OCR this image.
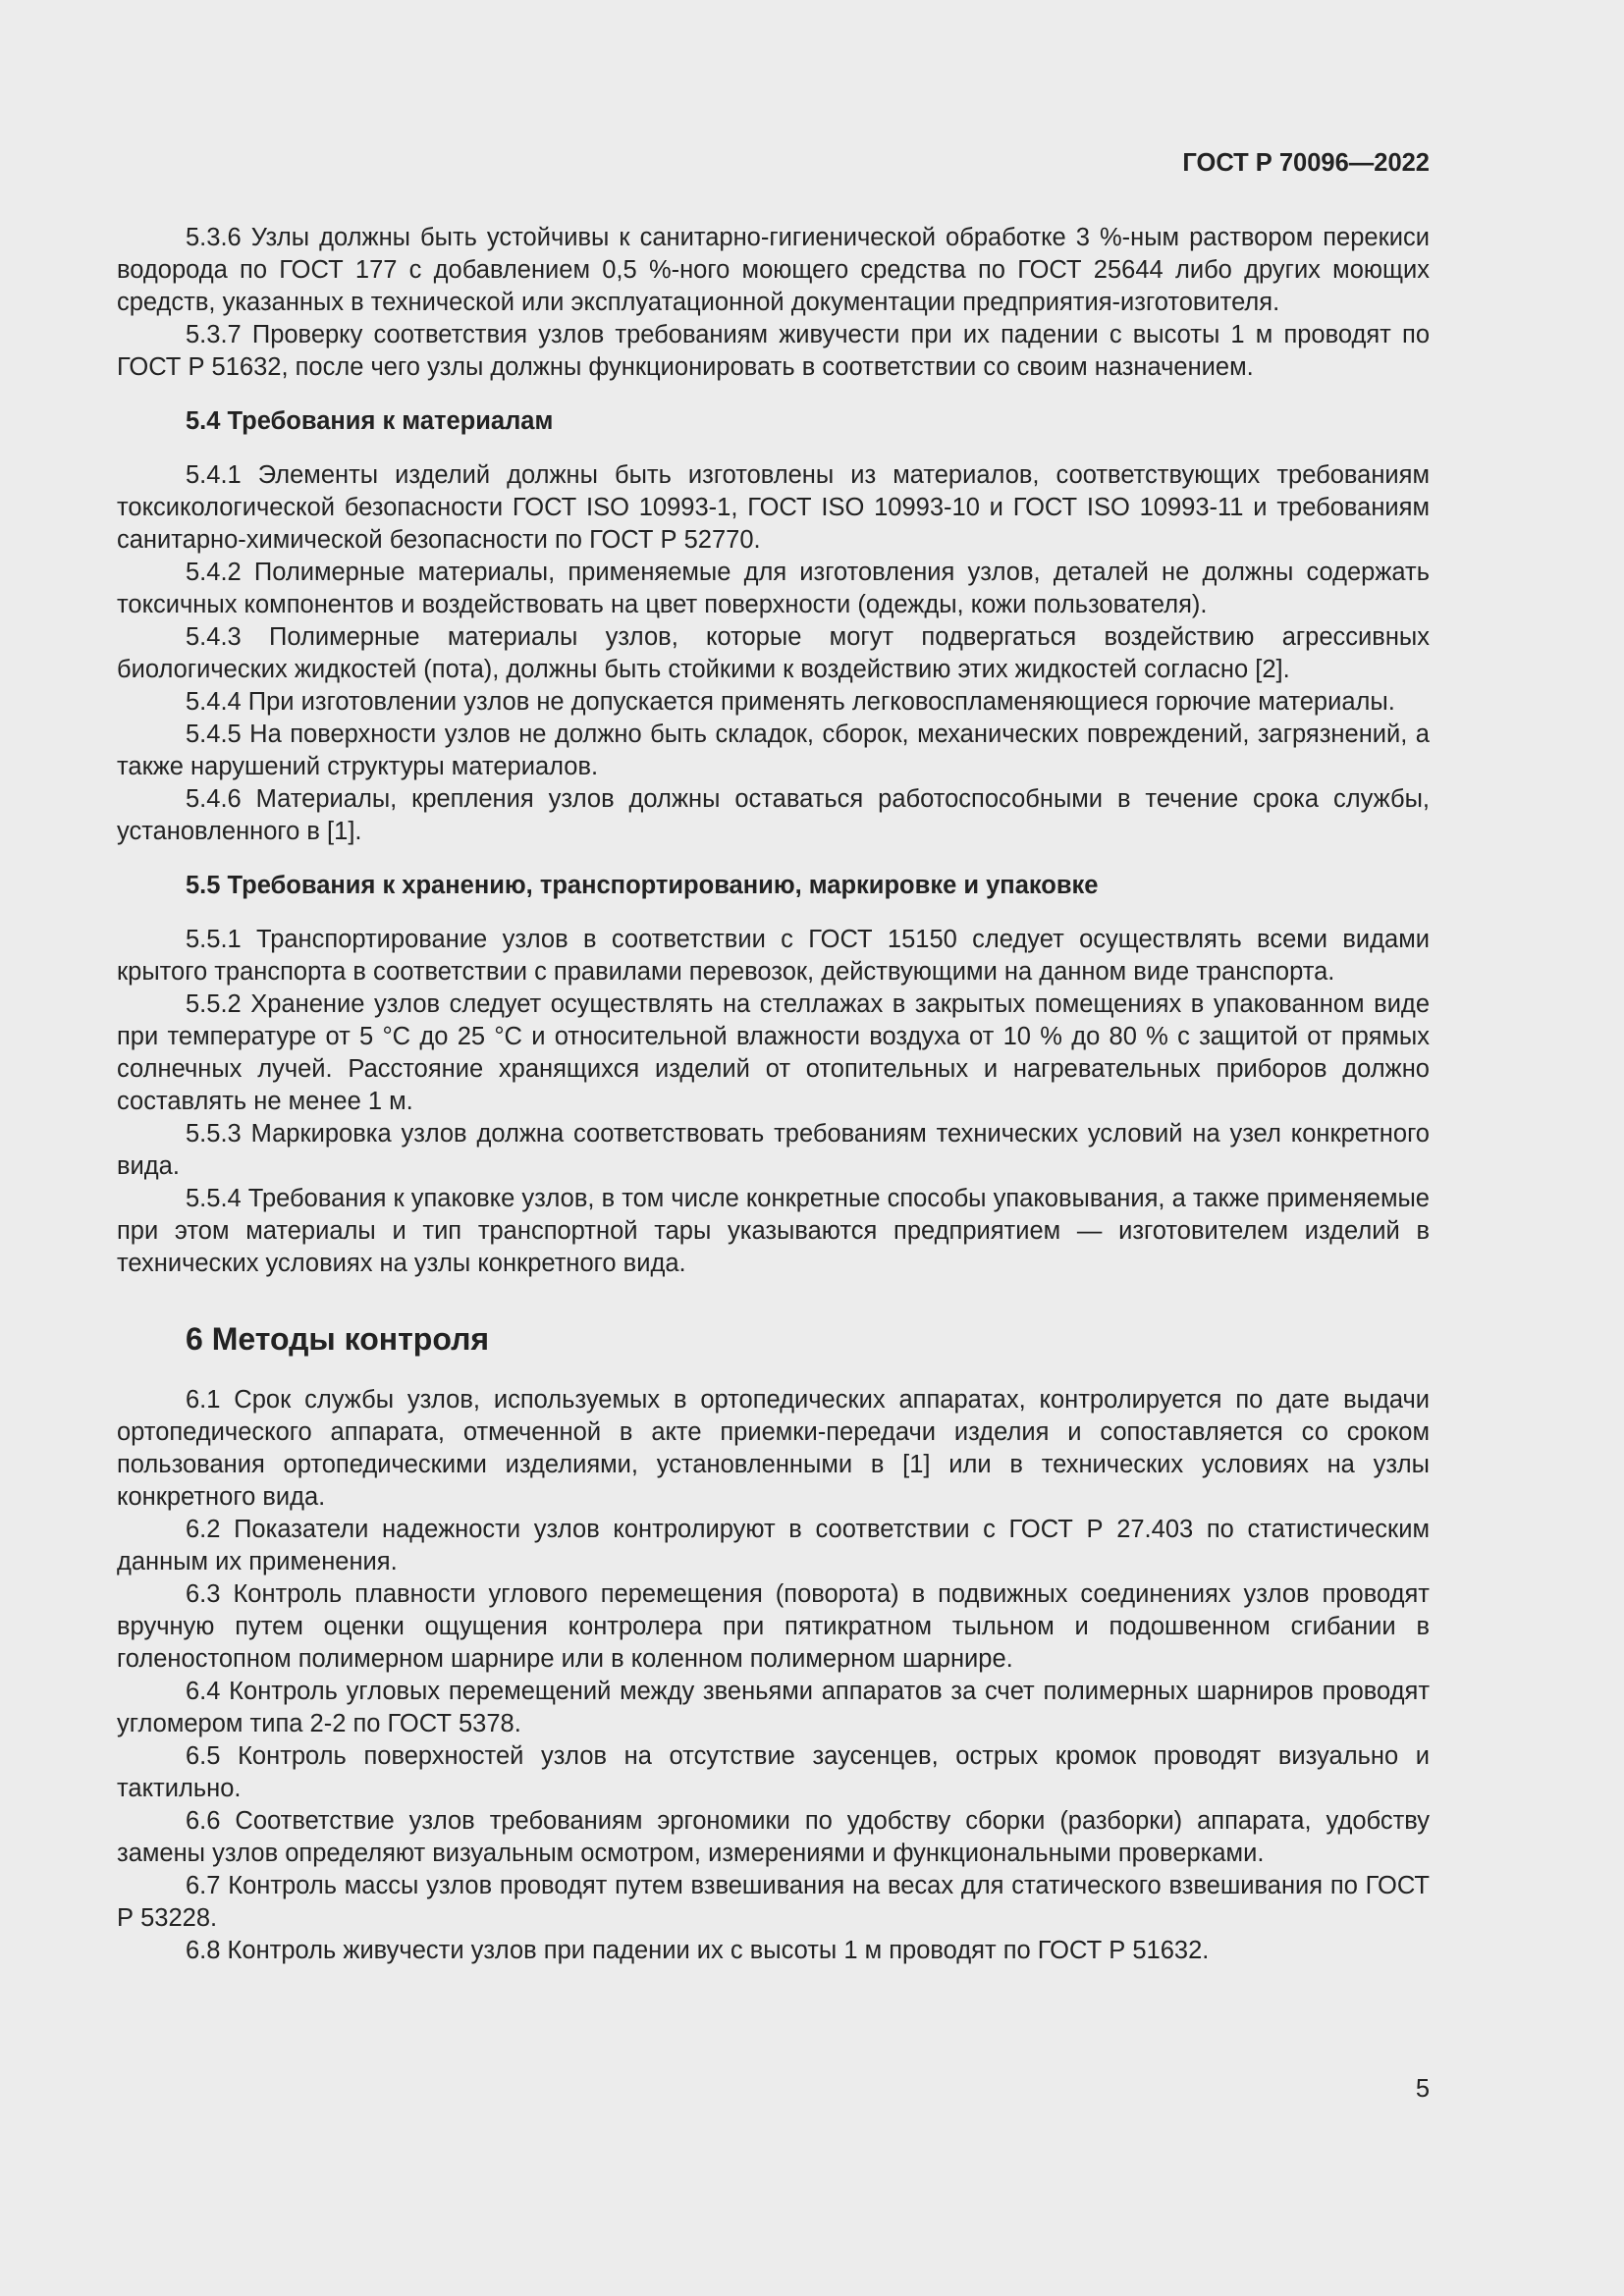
ГОСТ Р 70096—2022

5.3.6 Узлы должны быть устойчивы к санитарно-гигиенической обработке 3 %-ным раствором перекиси водорода по ГОСТ 177 с добавлением 0,5 %-ного моющего средства по ГОСТ 25644 либо других моющих средств, указанных в технической или эксплуатационной документации предприятия-изготовителя.

5.3.7 Проверку соответствия узлов требованиям живучести при их падении с высоты 1 м проводят по ГОСТ Р 51632, после чего узлы должны функционировать в соответствии со своим назначением.

5.4 Требования к материалам

5.4.1 Элементы изделий должны быть изготовлены из материалов, соответствующих требованиям токсикологической безопасности ГОСТ ISO 10993-1, ГОСТ ISO 10993-10 и ГОСТ ISO 10993-11 и требованиям санитарно-химической безопасности по ГОСТ Р 52770.

5.4.2 Полимерные материалы, применяемые для изготовления узлов, деталей не должны содержать токсичных компонентов и воздействовать на цвет поверхности (одежды, кожи пользователя).

5.4.3 Полимерные материалы узлов, которые могут подвергаться воздействию агрессивных биологических жидкостей (пота), должны быть стойкими к воздействию этих жидкостей согласно [2].

5.4.4 При изготовлении узлов не допускается применять легковоспламеняющиеся горючие материалы.

5.4.5 На поверхности узлов не должно быть складок, сборок, механических повреждений, загрязнений, а также нарушений структуры материалов.

5.4.6 Материалы, крепления узлов должны оставаться работоспособными в течение срока службы, установленного в [1].

5.5 Требования к хранению, транспортированию, маркировке и упаковке

5.5.1 Транспортирование узлов в соответствии с ГОСТ 15150 следует осуществлять всеми видами крытого транспорта в соответствии с правилами перевозок, действующими на данном виде транспорта.

5.5.2 Хранение узлов следует осуществлять на стеллажах в закрытых помещениях в упакованном виде при температуре от 5 °С до 25 °С и относительной влажности воздуха от 10 % до 80 % с защитой от прямых солнечных лучей. Расстояние хранящихся изделий от отопительных и нагревательных приборов должно составлять не менее 1 м.

5.5.3 Маркировка узлов должна соответствовать требованиям технических условий на узел конкретного вида.

5.5.4 Требования к упаковке узлов, в том числе конкретные способы упаковывания, а также применяемые при этом материалы и тип транспортной тары указываются предприятием — изготовителем изделий в технических условиях на узлы конкретного вида.

6 Методы контроля

6.1 Срок службы узлов, используемых в ортопедических аппаратах, контролируется по дате выдачи ортопедического аппарата, отмеченной в акте приемки-передачи изделия и сопоставляется со сроком пользования ортопедическими изделиями, установленными в [1] или в технических условиях на узлы конкретного вида.

6.2 Показатели надежности узлов контролируют в соответствии с ГОСТ Р 27.403 по статистическим данным их применения.

6.3 Контроль плавности углового перемещения (поворота) в подвижных соединениях узлов проводят вручную путем оценки ощущения контролера при пятикратном тыльном и подошвенном сгибании в голеностопном полимерном шарнире или в коленном полимерном шарнире.

6.4 Контроль угловых перемещений между звеньями аппаратов за счет полимерных шарниров проводят угломером типа 2-2 по ГОСТ 5378.

6.5 Контроль поверхностей узлов на отсутствие заусенцев, острых кромок проводят визуально и тактильно.

6.6 Соответствие узлов требованиям эргономики по удобству сборки (разборки) аппарата, удобству замены узлов определяют визуальным осмотром, измерениями и функциональными проверками.

6.7 Контроль массы узлов проводят путем взвешивания на весах для статического взвешивания по ГОСТ Р 53228.

6.8 Контроль живучести узлов при падении их с высоты 1 м проводят по ГОСТ Р 51632.

5
